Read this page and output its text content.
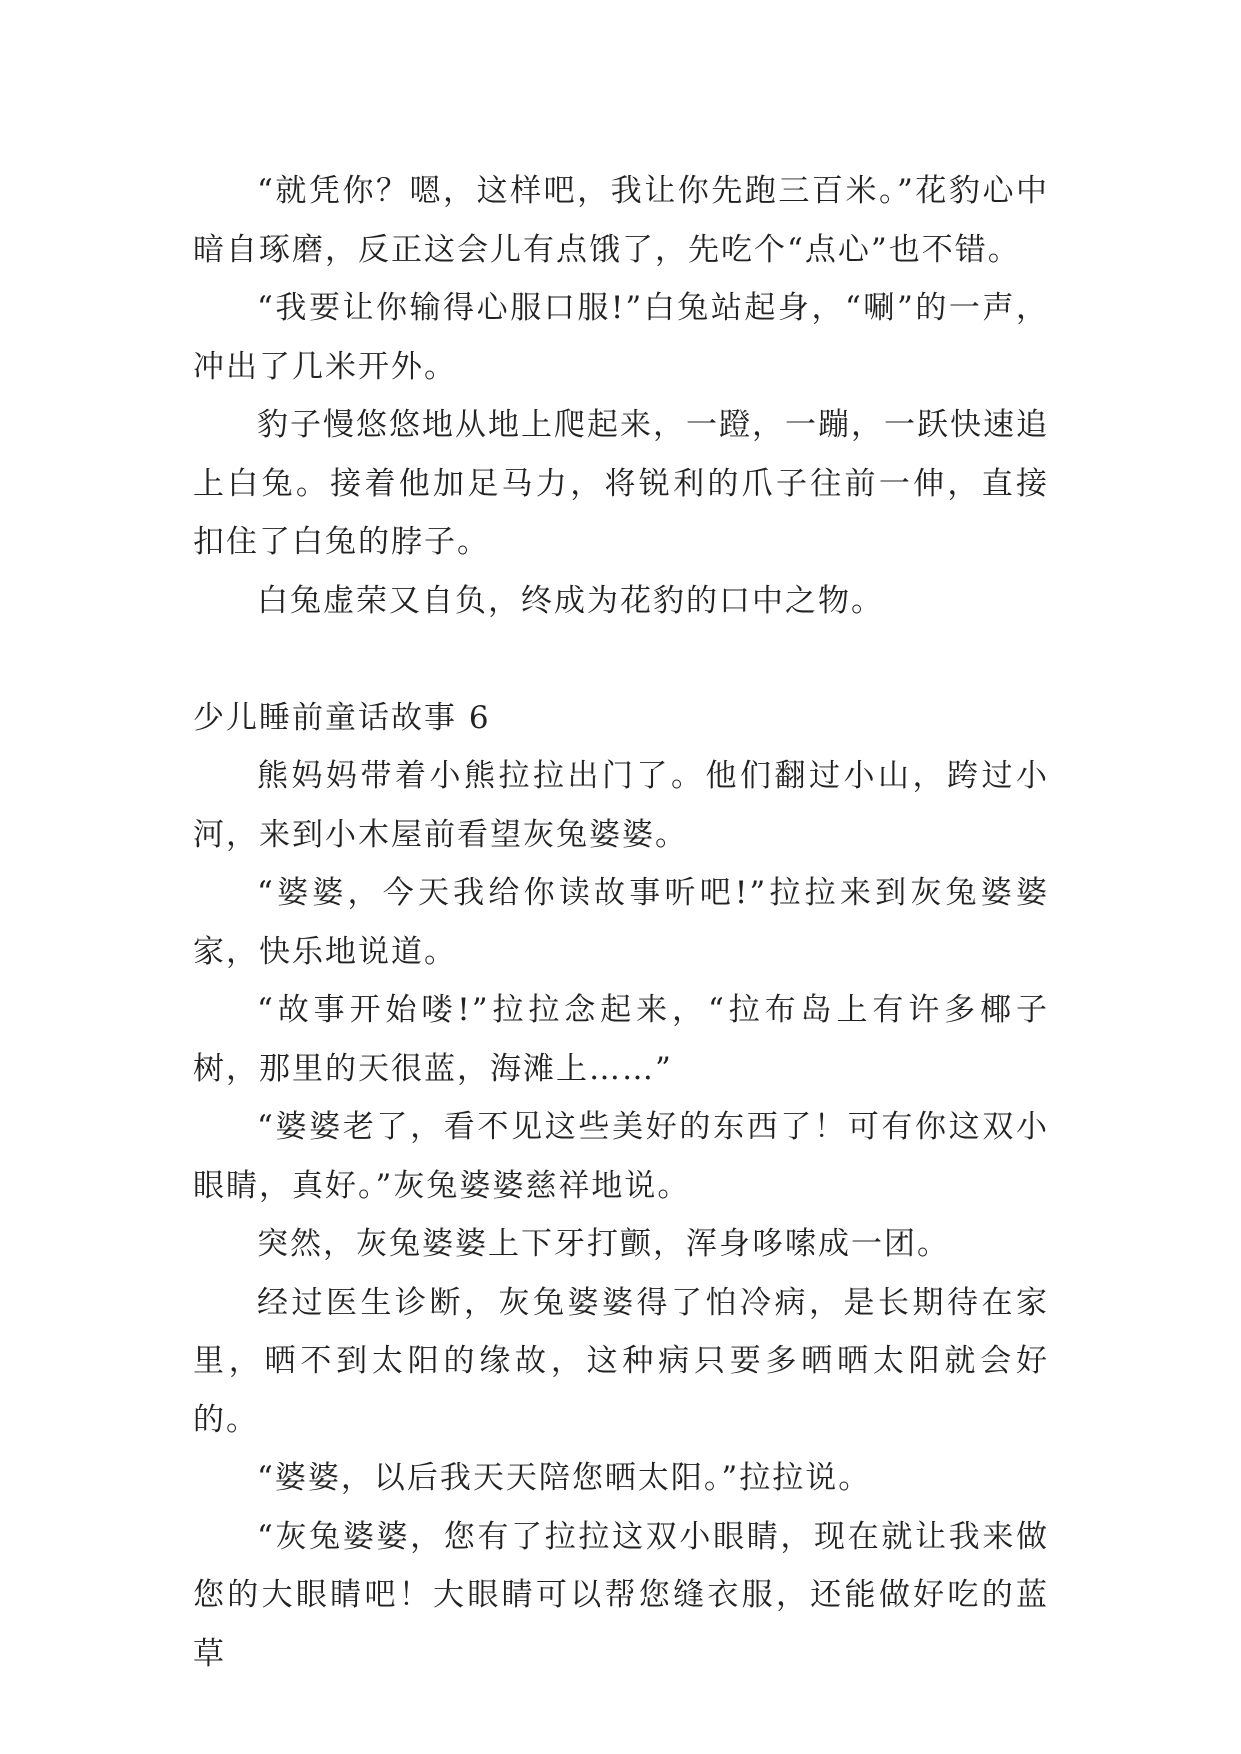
“就凭你？嗯，这样吧，我让你先跑三百米。”花豹心中暗自琢磨，反正这会儿有点饿了，先吃个“点心”也不错。

“我要让你输得心服口服!”白兔站起身，“唰”的一声，冲出了几米开外。

豹子慢悠悠地从地上爬起来，一蹬，一蹦，一跃快速追上白兔。接着他加足马力，将锐利的爪子往前一伸，直接扣住了白兔的脖子。

白兔虚荣又自负，终成为花豹的口中之物。

少儿睡前童话故事 6

熊妈妈带着小熊拉拉出门了。他们翻过小山，跨过小河，来到小木屋前看望灰兔婆婆。

“婆婆，今天我给你读故事听吧!”拉拉来到灰兔婆婆家，快乐地说道。

“故事开始喽!”拉拉念起来，“拉布岛上有许多椰子树，那里的天很蓝，海滩上……”

“婆婆老了，看不见这些美好的东西了！可有你这双小眼睛，真好。”灰兔婆婆慈祥地说。

突然，灰兔婆婆上下牙打颤，浑身哆嗦成一团。

经过医生诊断，灰兔婆婆得了怕冷病，是长期待在家里，晒不到太阳的缘故，这种病只要多晒晒太阳就会好的。

“婆婆，以后我天天陪您晒太阳。”拉拉说。

“灰兔婆婆，您有了拉拉这双小眼睛，现在就让我来做您的大眼睛吧！大眼睛可以帮您缝衣服，还能做好吃的蓝草
